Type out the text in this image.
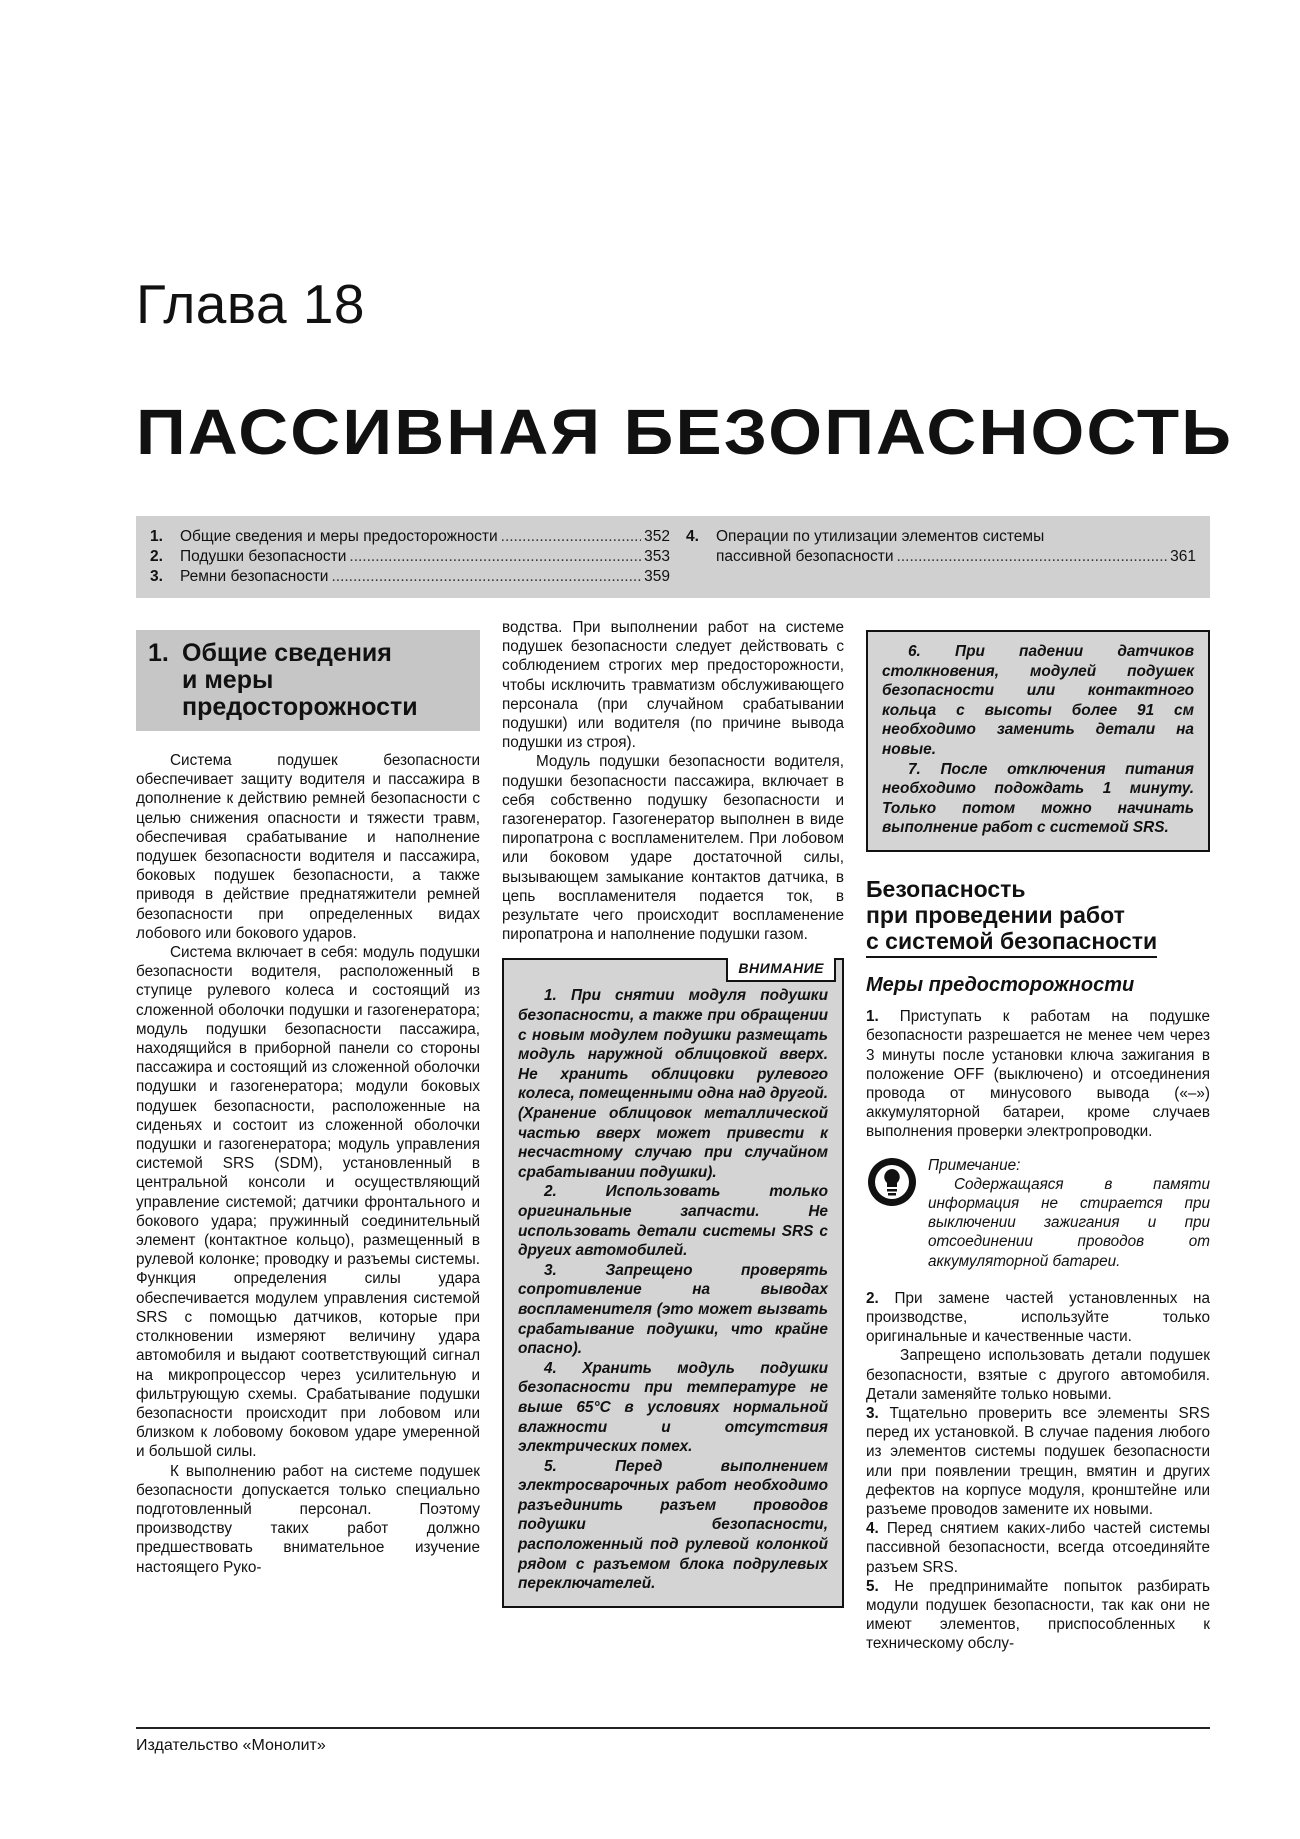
Глава 18
ПАССИВНАЯ БЕЗОПАСНОСТЬ
1.	Общие сведения и меры предосторожности .....	352
2.	Подушки безопасности .....	353
3.	Ремни безопасности .....	359
4.	Операции по утилизации элементов системы
пассивной безопасности .....	361
1. Общие сведения
и меры
предосторожности

Система подушек безопасности обеспечивает защиту водителя и пассажира в дополнение к действию ремней безопасности с целью снижения опасности и тяжести травм, обеспечивая срабатывание и наполнение подушек безопасности водителя и пассажира, боковых подушек безопасности, а также приводя в действие преднатяжители ремней безопасности при определенных видах лобового или бокового ударов.

Система включает в себя: модуль подушки безопасности водителя, расположенный в ступице рулевого колеса и состоящий из сложенной оболочки подушки и газогенератора; модуль подушки безопасности пассажира, находящийся в приборной панели со стороны пассажира и состоящий из сложенной оболочки подушки и газогенератора; модули боковых подушек безопасности, расположенные на сиденьях и состоит из сложенной оболочки подушки и газогенератора; модуль управления системой SRS (SDM), установленный в центральной консоли и осуществляющий управление системой; датчики фронтального и бокового удара; пружинный соединительный элемент (контактное кольцо), размещенный в рулевой колонке; проводку и разъемы системы. Функция определения силы удара обеспечивается модулем управления системой SRS с помощью датчиков, которые при столкновении измеряют величину удара автомобиля и выдают соответствующий сигнал на микропроцессор через усилительную и фильтрующую схемы. Срабатывание подушки безопасности происходит при лобовом или близком к лобовому боковом ударе умеренной и большой силы.

К выполнению работ на системе подушек безопасности допускается только специально подготовленный персонал. Поэтому производству таких работ должно предшествовать внимательное изучение настоящего Руко-

водства. При выполнении работ на системе подушек безопасности следует действовать с соблюдением строгих мер предосторожности, чтобы исключить травматизм обслуживающего персонала (при случайном срабатывании подушки) или водителя (по причине вывода подушки из строя).

Модуль подушки безопасности водителя, подушки безопасности пассажира, включает в себя собственно подушку безопасности и газогенератор. Газогенератор выполнен в виде пиропатрона с воспламенителем. При лобовом или боковом ударе достаточной силы, вызывающем замыкание контактов датчика, в цепь воспламенителя подается ток, в результате чего происходит воспламенение пиропатрона и наполнение подушки газом.

ВНИМАНИЕ

1. При снятии модуля подушки безопасности, а также при обращении с новым модулем подушки размещать модуль наружной облицовкой вверх. Не хранить облицовки рулевого колеса, помещенными одна над другой. (Хранение облицовок металлической частью вверх может привести к несчастному случаю при случайном срабатывании подушки).

2. Использовать только оригинальные запчасти. Не использовать детали системы SRS с других автомобилей.

3. Запрещено проверять сопротивление на выводах воспламенителя (это может вызвать срабатывание подушки, что крайне опасно).

4. Хранить модуль подушки безопасности при температуре не выше 65°С в условиях нормальной влажности и отсутствия электрических помех.

5. Перед выполнением электросварочных работ необходимо разъединить разъем проводов подушки безопасности, расположенный под рулевой колонкой рядом с разъемом блока подрулевых переключателей.

6. При падении датчиков столкновения, модулей подушек безопасности или контактного кольца с высоты более 91 см необходимо заменить детали на новые.

7. После отключения питания необходимо подождать 1 минуту. Только потом можно начинать выполнение работ с системой SRS.

Безопасность
при проведении работ
с системой безопасности
Меры предосторожности

1. Приступать к работам на подушке безопасности разрешается не менее чем через 3 минуты после установки ключа зажигания в положение OFF (выключено) и отсоединения провода от минусового вывода («–») аккумуляторной батареи, кроме случаев выполнения проверки электропроводки.

Примечание:
Содержащаяся в памяти информация не стирается при выключении зажигания и при отсоединении проводов от аккумуляторной батареи.

2. При замене частей установленных на производстве, используйте только оригинальные и качественные части.

Запрещено использовать детали подушек безопасности, взятые с другого автомобиля. Детали заменяйте только новыми.

3. Тщательно проверить все элементы SRS перед их установкой. В случае падения любого из элементов системы подушек безопасности или при появлении трещин, вмятин и других дефектов на корпусе модуля, кронштейне или разъеме проводов замените их новыми.

4. Перед снятием каких-либо частей системы пассивной безопасности, всегда отсоединяйте разъем SRS.

5. Не предпринимайте попыток разбирать модули подушек безопасности, так как они не имеют элементов, приспособленных к техническому обслу-

Издательство «Монолит»
